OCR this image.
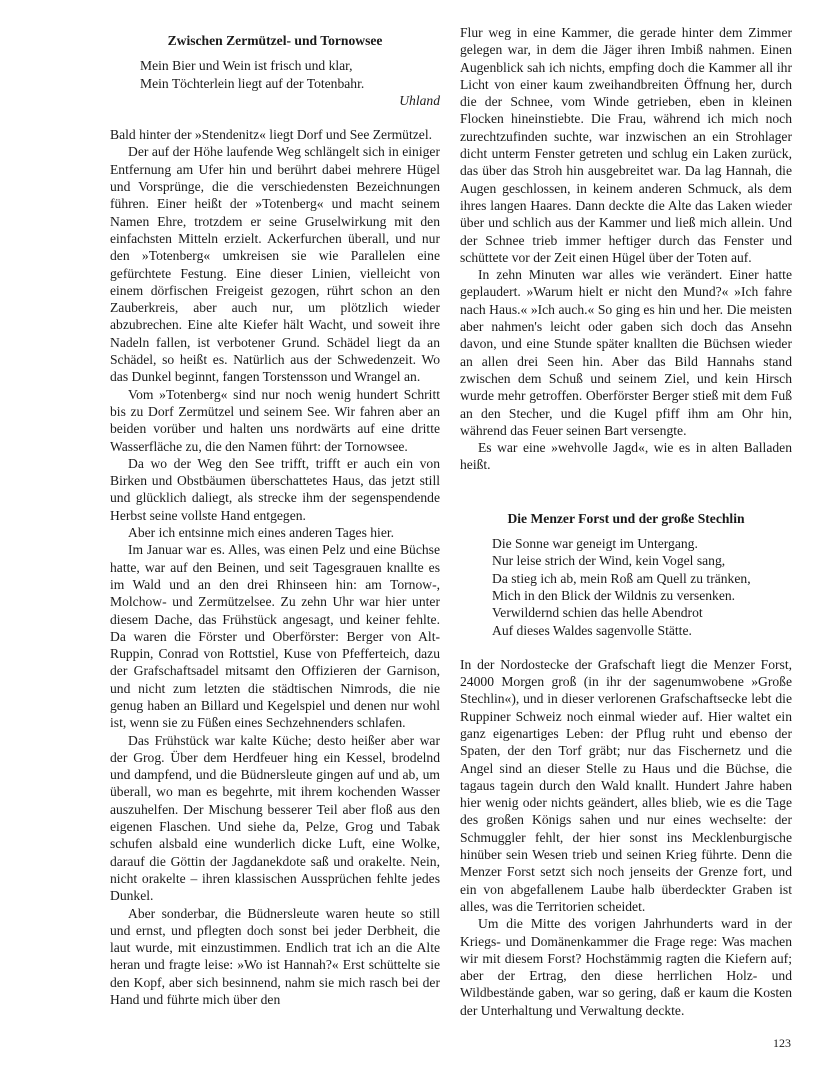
Zwischen Zermützel- und Tornowsee
Mein Bier und Wein ist frisch und klar,
Mein Töchterlein liegt auf der Totenbahr.
Uhland

Bald hinter der »Stendenitz« liegt Dorf und See Zermützel.

Der auf der Höhe laufende Weg schlängelt sich in einiger Entfernung am Ufer hin und berührt dabei mehrere Hügel und Vorsprünge, die die verschiedensten Bezeichnungen führen. Einer heißt der »Totenberg« und macht seinem Namen Ehre, trotzdem er seine Gruselwirkung mit den einfachsten Mitteln erzielt. Ackerfurchen überall, und nur den »Totenberg« umkreisen sie wie Parallelen eine gefürchtete Festung. Eine dieser Linien, vielleicht von einem dörfischen Freigeist gezogen, rührt schon an den Zauberkreis, aber auch nur, um plötzlich wieder abzubrechen. Eine alte Kiefer hält Wacht, und soweit ihre Nadeln fallen, ist verbotener Grund. Schädel liegt da an Schädel, so heißt es. Natürlich aus der Schwedenzeit. Wo das Dunkel beginnt, fangen Torstensson und Wrangel an.

Vom »Totenberg« sind nur noch wenig hundert Schritt bis zu Dorf Zermützel und seinem See. Wir fahren aber an beiden vorüber und halten uns nordwärts auf eine dritte Wasserfläche zu, die den Namen führt: der Tornowsee.

Da wo der Weg den See trifft, trifft er auch ein von Birken und Obstbäumen überschattetes Haus, das jetzt still und glücklich daliegt, als strecke ihm der segenspendende Herbst seine vollste Hand entgegen.

Aber ich entsinne mich eines anderen Tages hier.

Im Januar war es. Alles, was einen Pelz und eine Büchse hatte, war auf den Beinen, und seit Tagesgrauen knallte es im Wald und an den drei Rhinseen hin: am Tornow-, Molchow- und Zermützelsee. Zu zehn Uhr war hier unter diesem Dache, das Frühstück angesagt, und keiner fehlte. Da waren die Förster und Oberförster: Berger von Alt-Ruppin, Conrad von Rottstiel, Kuse von Pfefferteich, dazu der Grafschaftsadel mitsamt den Offizieren der Garnison, und nicht zum letzten die städtischen Nimrods, die nie genug haben an Billard und Kegelspiel und denen nur wohl ist, wenn sie zu Füßen eines Sechzehnenders schlafen.

Das Frühstück war kalte Küche; desto heißer aber war der Grog. Über dem Herdfeuer hing ein Kessel, brodelnd und dampfend, und die Büdnersleute gingen auf und ab, um überall, wo man es begehrte, mit ihrem kochenden Wasser auszuhelfen. Der Mischung besserer Teil aber floß aus den eigenen Flaschen. Und siehe da, Pelze, Grog und Tabak schufen alsbald eine wunderlich dicke Luft, eine Wolke, darauf die Göttin der Jagdanekdote saß und orakelte. Nein, nicht orakelte – ihren klassischen Aussprüchen fehlte jedes Dunkel.

Aber sonderbar, die Büdnersleute waren heute so still und ernst, und pflegten doch sonst bei jeder Derbheit, die laut wurde, mit einzustimmen. Endlich trat ich an die Alte heran und fragte leise: »Wo ist Hannah?« Erst schüttelte sie den Kopf, aber sich besinnend, nahm sie mich rasch bei der Hand und führte mich über den

Flur weg in eine Kammer, die gerade hinter dem Zimmer gelegen war, in dem die Jäger ihren Imbiß nahmen. Einen Augenblick sah ich nichts, empfing doch die Kammer all ihr Licht von einer kaum zweihandbreiten Öffnung her, durch die der Schnee, vom Winde getrieben, eben in kleinen Flocken hineinstiebte. Die Frau, während ich mich noch zurechtzufinden suchte, war inzwischen an ein Strohlager dicht unterm Fenster getreten und schlug ein Laken zurück, das über das Stroh hin ausgebreitet war. Da lag Hannah, die Augen geschlossen, in keinem anderen Schmuck, als dem ihres langen Haares. Dann deckte die Alte das Laken wieder über und schlich aus der Kammer und ließ mich allein. Und der Schnee trieb immer heftiger durch das Fenster und schüttete vor der Zeit einen Hügel über der Toten auf.

In zehn Minuten war alles wie verändert. Einer hatte geplaudert. »Warum hielt er nicht den Mund?« »Ich fahre nach Haus.« »Ich auch.« So ging es hin und her. Die meisten aber nahmen's leicht oder gaben sich doch das Ansehn davon, und eine Stunde später knallten die Büchsen wieder an allen drei Seen hin. Aber das Bild Hannahs stand zwischen dem Schuß und seinem Ziel, und kein Hirsch wurde mehr getroffen. Oberförster Berger stieß mit dem Fuß an den Stecher, und die Kugel pfiff ihm am Ohr hin, während das Feuer seinen Bart versengte.

Es war eine »wehvolle Jagd«, wie es in alten Balladen heißt.

Die Menzer Forst und der große Stechlin
Die Sonne war geneigt im Untergang.
Nur leise strich der Wind, kein Vogel sang,
Da stieg ich ab, mein Roß am Quell zu tränken,
Mich in den Blick der Wildnis zu versenken.
Verwildernd schien das helle Abendrot
Auf dieses Waldes sagenvolle Stätte.

In der Nordostecke der Grafschaft liegt die Menzer Forst, 24000 Morgen groß (in ihr der sagenumwobene »Große Stechlin«), und in dieser verlorenen Grafschaftsecke lebt die Ruppiner Schweiz noch einmal wieder auf. Hier waltet ein ganz eigenartiges Leben: der Pflug ruht und ebenso der Spaten, der den Torf gräbt; nur das Fischernetz und die Angel sind an dieser Stelle zu Haus und die Büchse, die tagaus tagein durch den Wald knallt. Hundert Jahre haben hier wenig oder nichts geändert, alles blieb, wie es die Tage des großen Königs sahen und nur eines wechselte: der Schmuggler fehlt, der hier sonst ins Mecklenburgische hinüber sein Wesen trieb und seinen Krieg führte. Denn die Menzer Forst setzt sich noch jenseits der Grenze fort, und ein von abgefallenem Laube halb überdeckter Graben ist alles, was die Territorien scheidet.

Um die Mitte des vorigen Jahrhunderts ward in der Kriegs- und Domänenkammer die Frage rege: Was machen wir mit diesem Forst? Hochstämmig ragten die Kiefern auf; aber der Ertrag, den diese herrlichen Holz- und Wildbestände gaben, war so gering, daß er kaum die Kosten der Unterhaltung und Verwaltung deckte.

123
